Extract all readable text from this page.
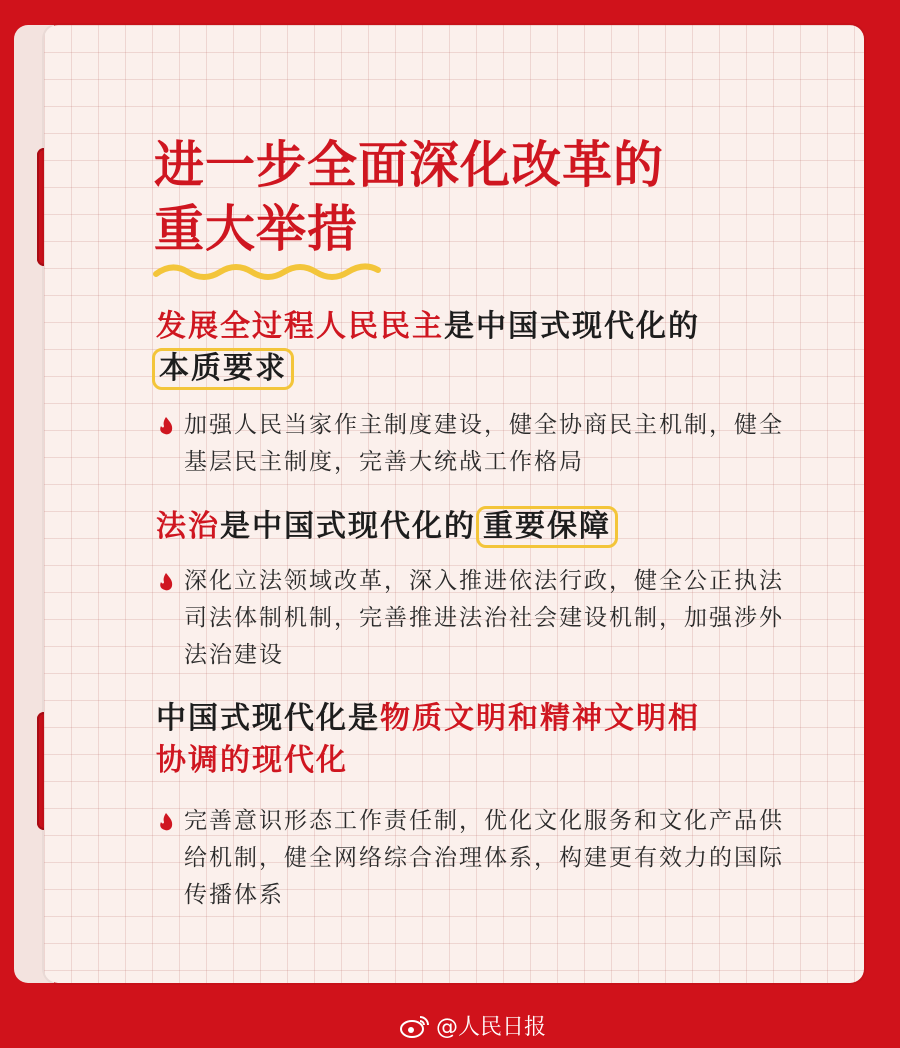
进一步全面深化改革的
重大举措
发展全过程人民民主是中国式现代化的
本质要求
加强人民当家作主制度建设，健全协商民主机制，健全基层民主制度，完善大统战工作格局
法治是中国式现代化的 重要保障
深化立法领域改革，深入推进依法行政，健全公正执法司法体制机制，完善推进法治社会建设机制，加强涉外法治建设
中国式现代化是物质文明和精神文明相
协调的现代化
完善意识形态工作责任制，优化文化服务和文化产品供给机制，健全网络综合治理体系，构建更有效力的国际传播体系
@人民日报
